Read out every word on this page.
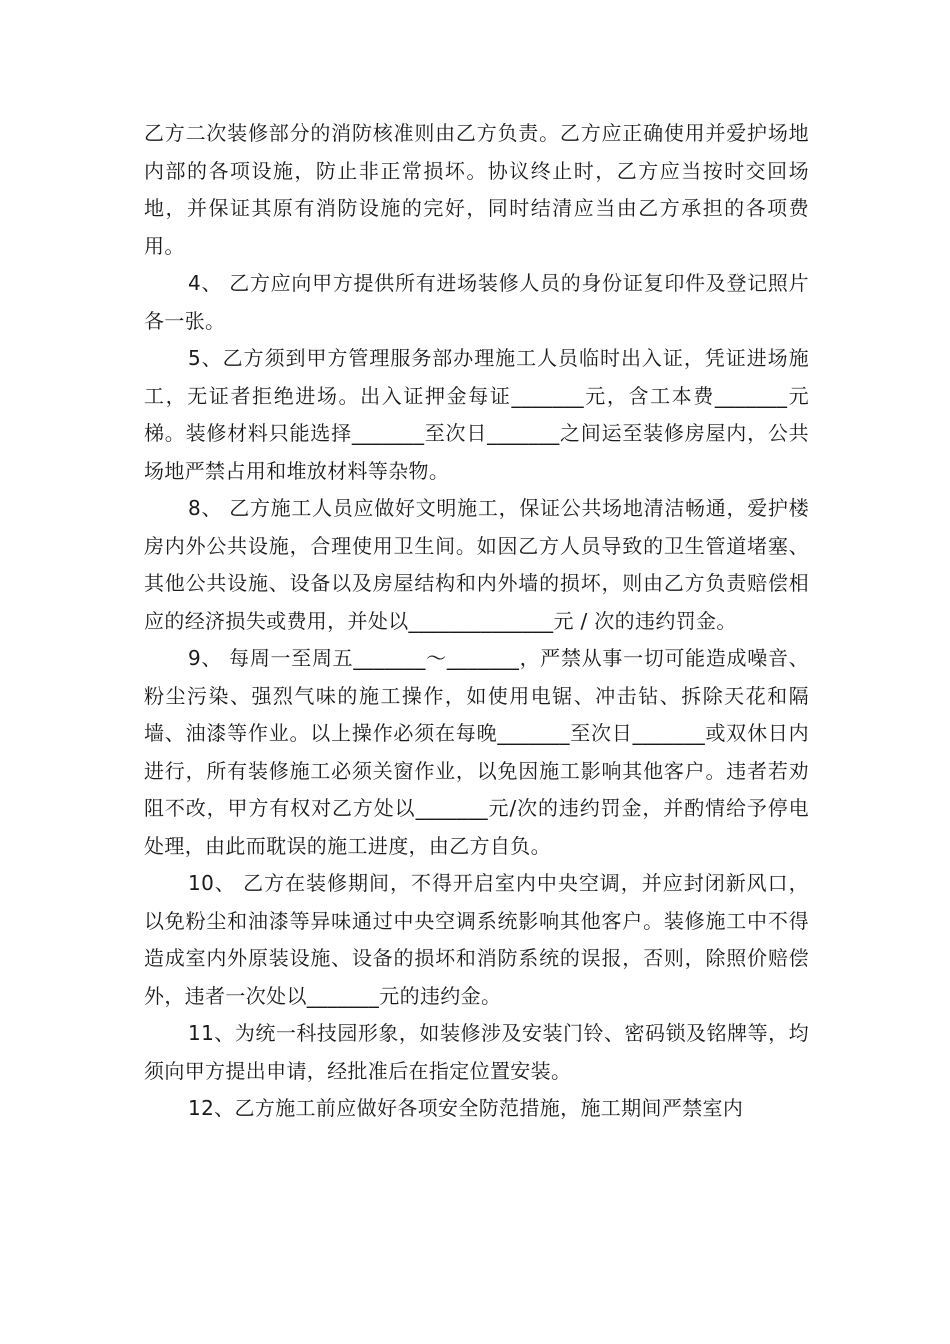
乙方二次装修部分的消防核准则由乙方负责。乙方应正确使用并爱护场地内部的各项设施，防止非正常损坏。协议终止时，乙方应当按时交回场地，并保证其原有消防设施的完好，同时结清应当由乙方承担的各项费用。

4、 乙方应向甲方提供所有进场装修人员的身份证复印件及登记照片各一张。

5、乙方须到甲方管理服务部办理施工人员临时出入证，凭证进场施工，无证者拒绝进场。出入证押金每证_______元，含工本费_______元梯。装修材料只能选择_______至次日_______之间运至装修房屋内，公共场地严禁占用和堆放材料等杂物。

8、 乙方施工人员应做好文明施工，保证公共场地清洁畅通，爱护楼房内外公共设施，合理使用卫生间。如因乙方人员导致的卫生管道堵塞、其他公共设施、设备以及房屋结构和内外墙的损坏，则由乙方负责赔偿相应的经济损失或费用，并处以______________元 / 次的违约罚金。

9、 每周一至周五_______～_______，严禁从事一切可能造成噪音、粉尘污染、强烈气味的施工操作，如使用电锯、冲击钻、拆除天花和隔墙、油漆等作业。以上操作必须在每晚_______至次日_______或双休日内进行，所有装修施工必须关窗作业，以免因施工影响其他客户。违者若劝阻不改，甲方有权对乙方处以_______元/次的违约罚金，并酌情给予停电处理，由此而耽误的施工进度，由乙方自负。

10、 乙方在装修期间，不得开启室内中央空调，并应封闭新风口，以免粉尘和油漆等异味通过中央空调系统影响其他客户。装修施工中不得造成室内外原装设施、设备的损坏和消防系统的误报，否则，除照价赔偿外，违者一次处以_______元的违约金。

11、为统一科技园形象，如装修涉及安装门铃、密码锁及铭牌等，均须向甲方提出申请，经批准后在指定位置安装。

12、乙方施工前应做好各项安全防范措施，施工期间严禁室内
